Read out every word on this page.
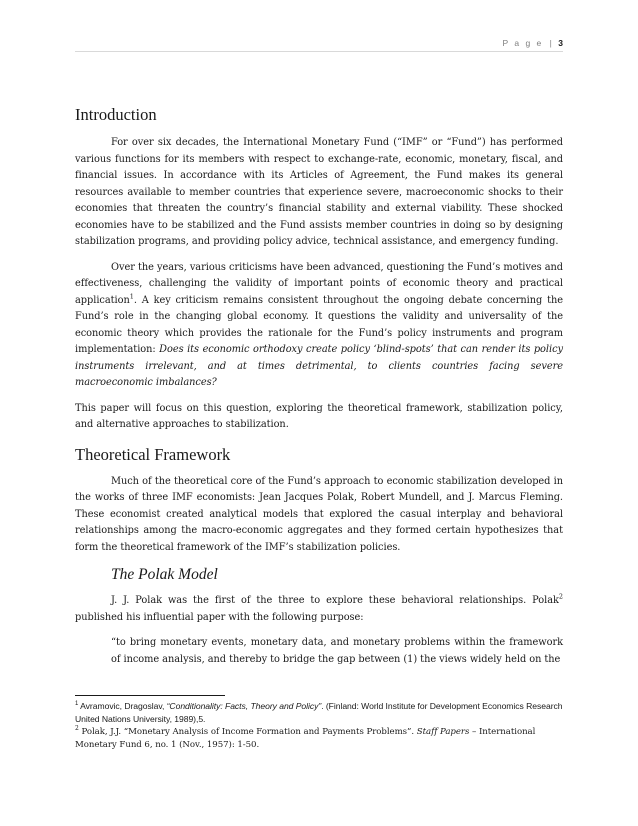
P a g e | 3
Introduction

For over six decades, the International Monetary Fund (“IMF” or “Fund”) has performed various functions for its members with respect to exchange-rate, economic, monetary, fiscal, and financial issues. In accordance with its Articles of Agreement, the Fund makes its general resources available to member countries that experience severe, macroeconomic shocks to their economies that threaten the country’s financial stability and external viability. These shocked economies have to be stabilized and the Fund assists member countries in doing so by designing stabilization programs, and providing policy advice, technical assistance, and emergency funding.

Over the years, various criticisms have been advanced, questioning the Fund’s motives and effectiveness, challenging the validity of important points of economic theory and practical application$^1$. A key criticism remains consistent throughout the ongoing debate concerning the Fund’s role in the changing global economy. It questions the validity and universality of the economic theory which provides the rationale for the Fund’s policy instruments and program implementation: Does its economic orthodoxy create policy ‘blind-spots’ that can render its policy instruments irrelevant, and at times detrimental, to clients countries facing severe macroeconomic imbalances?

This paper will focus on this question, exploring the theoretical framework, stabilization policy, and alternative approaches to stabilization.

Theoretical Framework

Much of the theoretical core of the Fund’s approach to economic stabilization developed in the works of three IMF economists: Jean Jacques Polak, Robert Mundell, and J. Marcus Fleming. These economist created analytical models that explored the casual interplay and behavioral relationships among the macro-economic aggregates and they formed certain hypothesizes that form the theoretical framework of the IMF’s stabilization policies.

The Polak Model

J. J. Polak was the first of the three to explore these behavioral relationships. Polak$^2$ published his influential paper with the following purpose:

“to bring monetary events, monetary data, and monetary problems within the framework of income analysis, and thereby to bridge the gap between (1) the views widely held on the

$^1$ Avramovic, Dragoslav, “Conditionality: Facts, Theory and Policy”. (Finland: World Institute for Development Economics Research United Nations University, 1989),5.

$^2$ Polak, J.J. “Monetary Analysis of Income Formation and Payments Problems”. Staff Papers – International Monetary Fund 6, no. 1 (Nov., 1957): 1-50.
